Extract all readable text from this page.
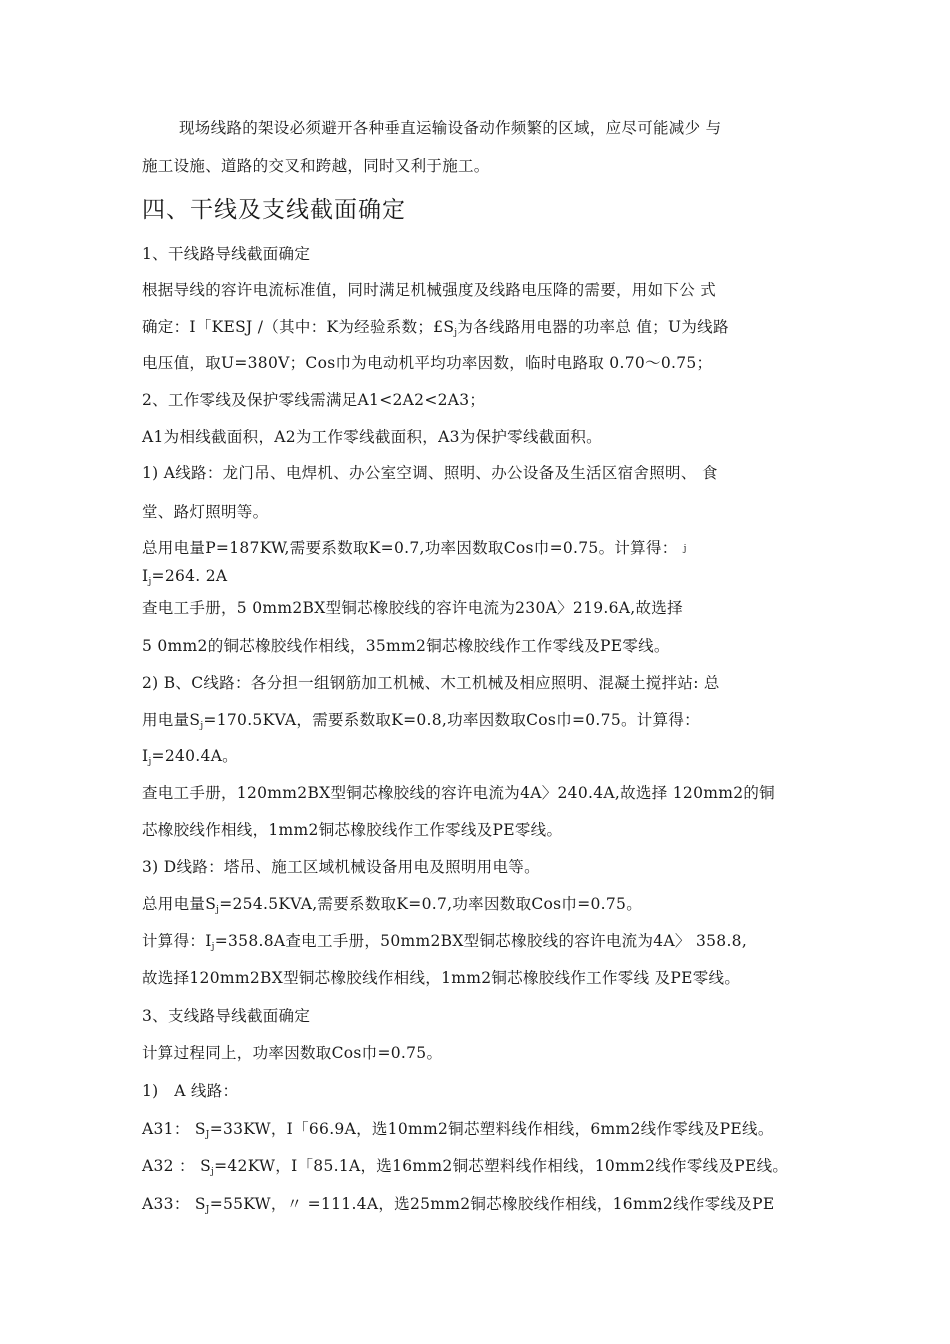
现场线路的架设必须避开各种垂直运输设备动作频繁的区域，应尽可能减少 与
施工设施、道路的交叉和跨越，同时又利于施工。
四、干线及支线截面确定
1、干线路导线截面确定
根据导线的容许电流标准值，同时满足机械强度及线路电压降的需要，用如下公 式
确定：I「KESJ /（其中：K为经验系数；$£S_j$为各线路用电器的功率总 值；U为线路
电压值，取U=380V；Cos巾为电动机平均功率因数，临时电路取 0.70〜0.75；
2、工作零线及保护零线需满足A1<2A2<2A3；
A1为相线截面积，A2为工作零线截面积，A3为保护零线截面积。
1) A线路：龙门吊、电焊机、办公室空调、照明、办公设备及生活区宿舍照明、 食
堂、路灯照明等。
总用电量P=187KW,需要系数取K=0.7,功率因数取Cos巾=0.75。计算得： j
$I_j=264$. 2A
查电工手册，5 0mm2BX型铜芯橡胶线的容许电流为230A〉219.6A,故选择
5 0mm2的铜芯橡胶线作相线，35mm2铜芯橡胶线作工作零线及PE零线。
2) B、C线路：各分担一组钢筋加工机械、木工机械及相应照明、混凝土搅拌站: 总
用电量$S_j=170.5KVA$，需要系数取K=0.8,功率因数取Cos巾=0.75。计算得：
$I_j=240.4A$。
查电工手册，120mm2BX型铜芯橡胶线的容许电流为4A〉240.4A,故选择 120mm2的铜
芯橡胶线作相线，1mm2铜芯橡胶线作工作零线及PE零线。
3) D线路：塔吊、施工区域机械设备用电及照明用电等。
总用电量$S_j=254.5KVA$,需要系数取K=0.7,功率因数取Cos巾=0.75。
计算得：$I_j=358.8A$查电工手册，50mm2BX型铜芯橡胶线的容许电流为4A〉 358.8,
故选择120mm2BX型铜芯橡胶线作相线，1mm2铜芯橡胶线作工作零线 及PE零线。
3、支线路导线截面确定
计算过程同上，功率因数取Cos巾=0.75。
1)   A 线路：
A31： $S_J=33KW$，I「66.9A，选10mm2铜芯塑料线作相线，6mm2线作零线及PE线。
A32 ： $S_j=42KW$，I「85.1A，选16mm2铜芯塑料线作相线，10mm2线作零线及PE线。
A33： $S_J=55KW$，〃 =111.4A，选25mm2铜芯橡胶线作相线，16mm2线作零线及PE
